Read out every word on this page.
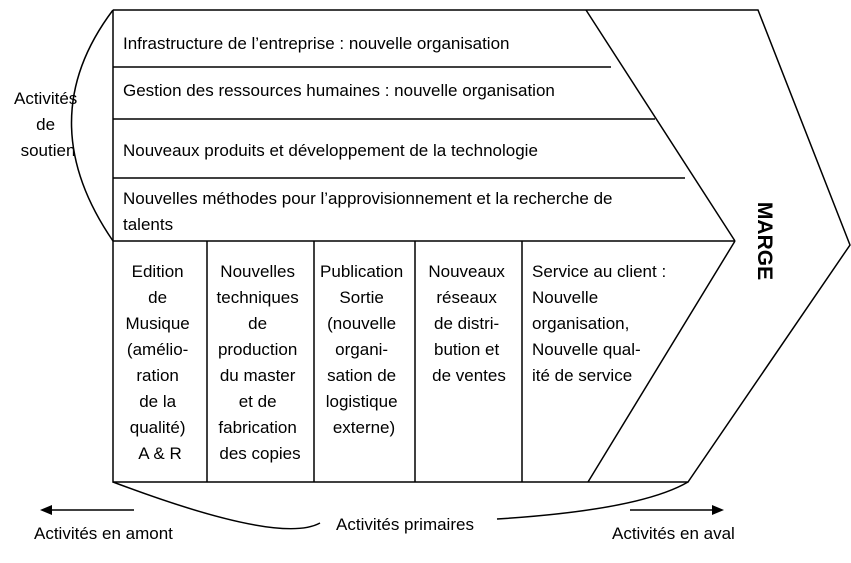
Activités de soutien
Infrastructure de l’entreprise : nouvelle organisation
Gestion des ressources humaines : nouvelle organisation
Nouveaux produits et développement de la technologie
Nouvelles méthodes pour l’approvisionnement et la recherche de talents
Edition de Musique (amélio- ration de la qualité) A & R
Nouvelles techniques de production du master et de fabrication des copies
Publication Sortie (nouvelle organi- sation de logistique externe)
Nouveaux réseaux de distri- bution et de ventes
Service au client : Nouvelle organisation, Nouvelle qual- ité de service
MARGE
Activités en amont	Activités primaires	Activités en aval
